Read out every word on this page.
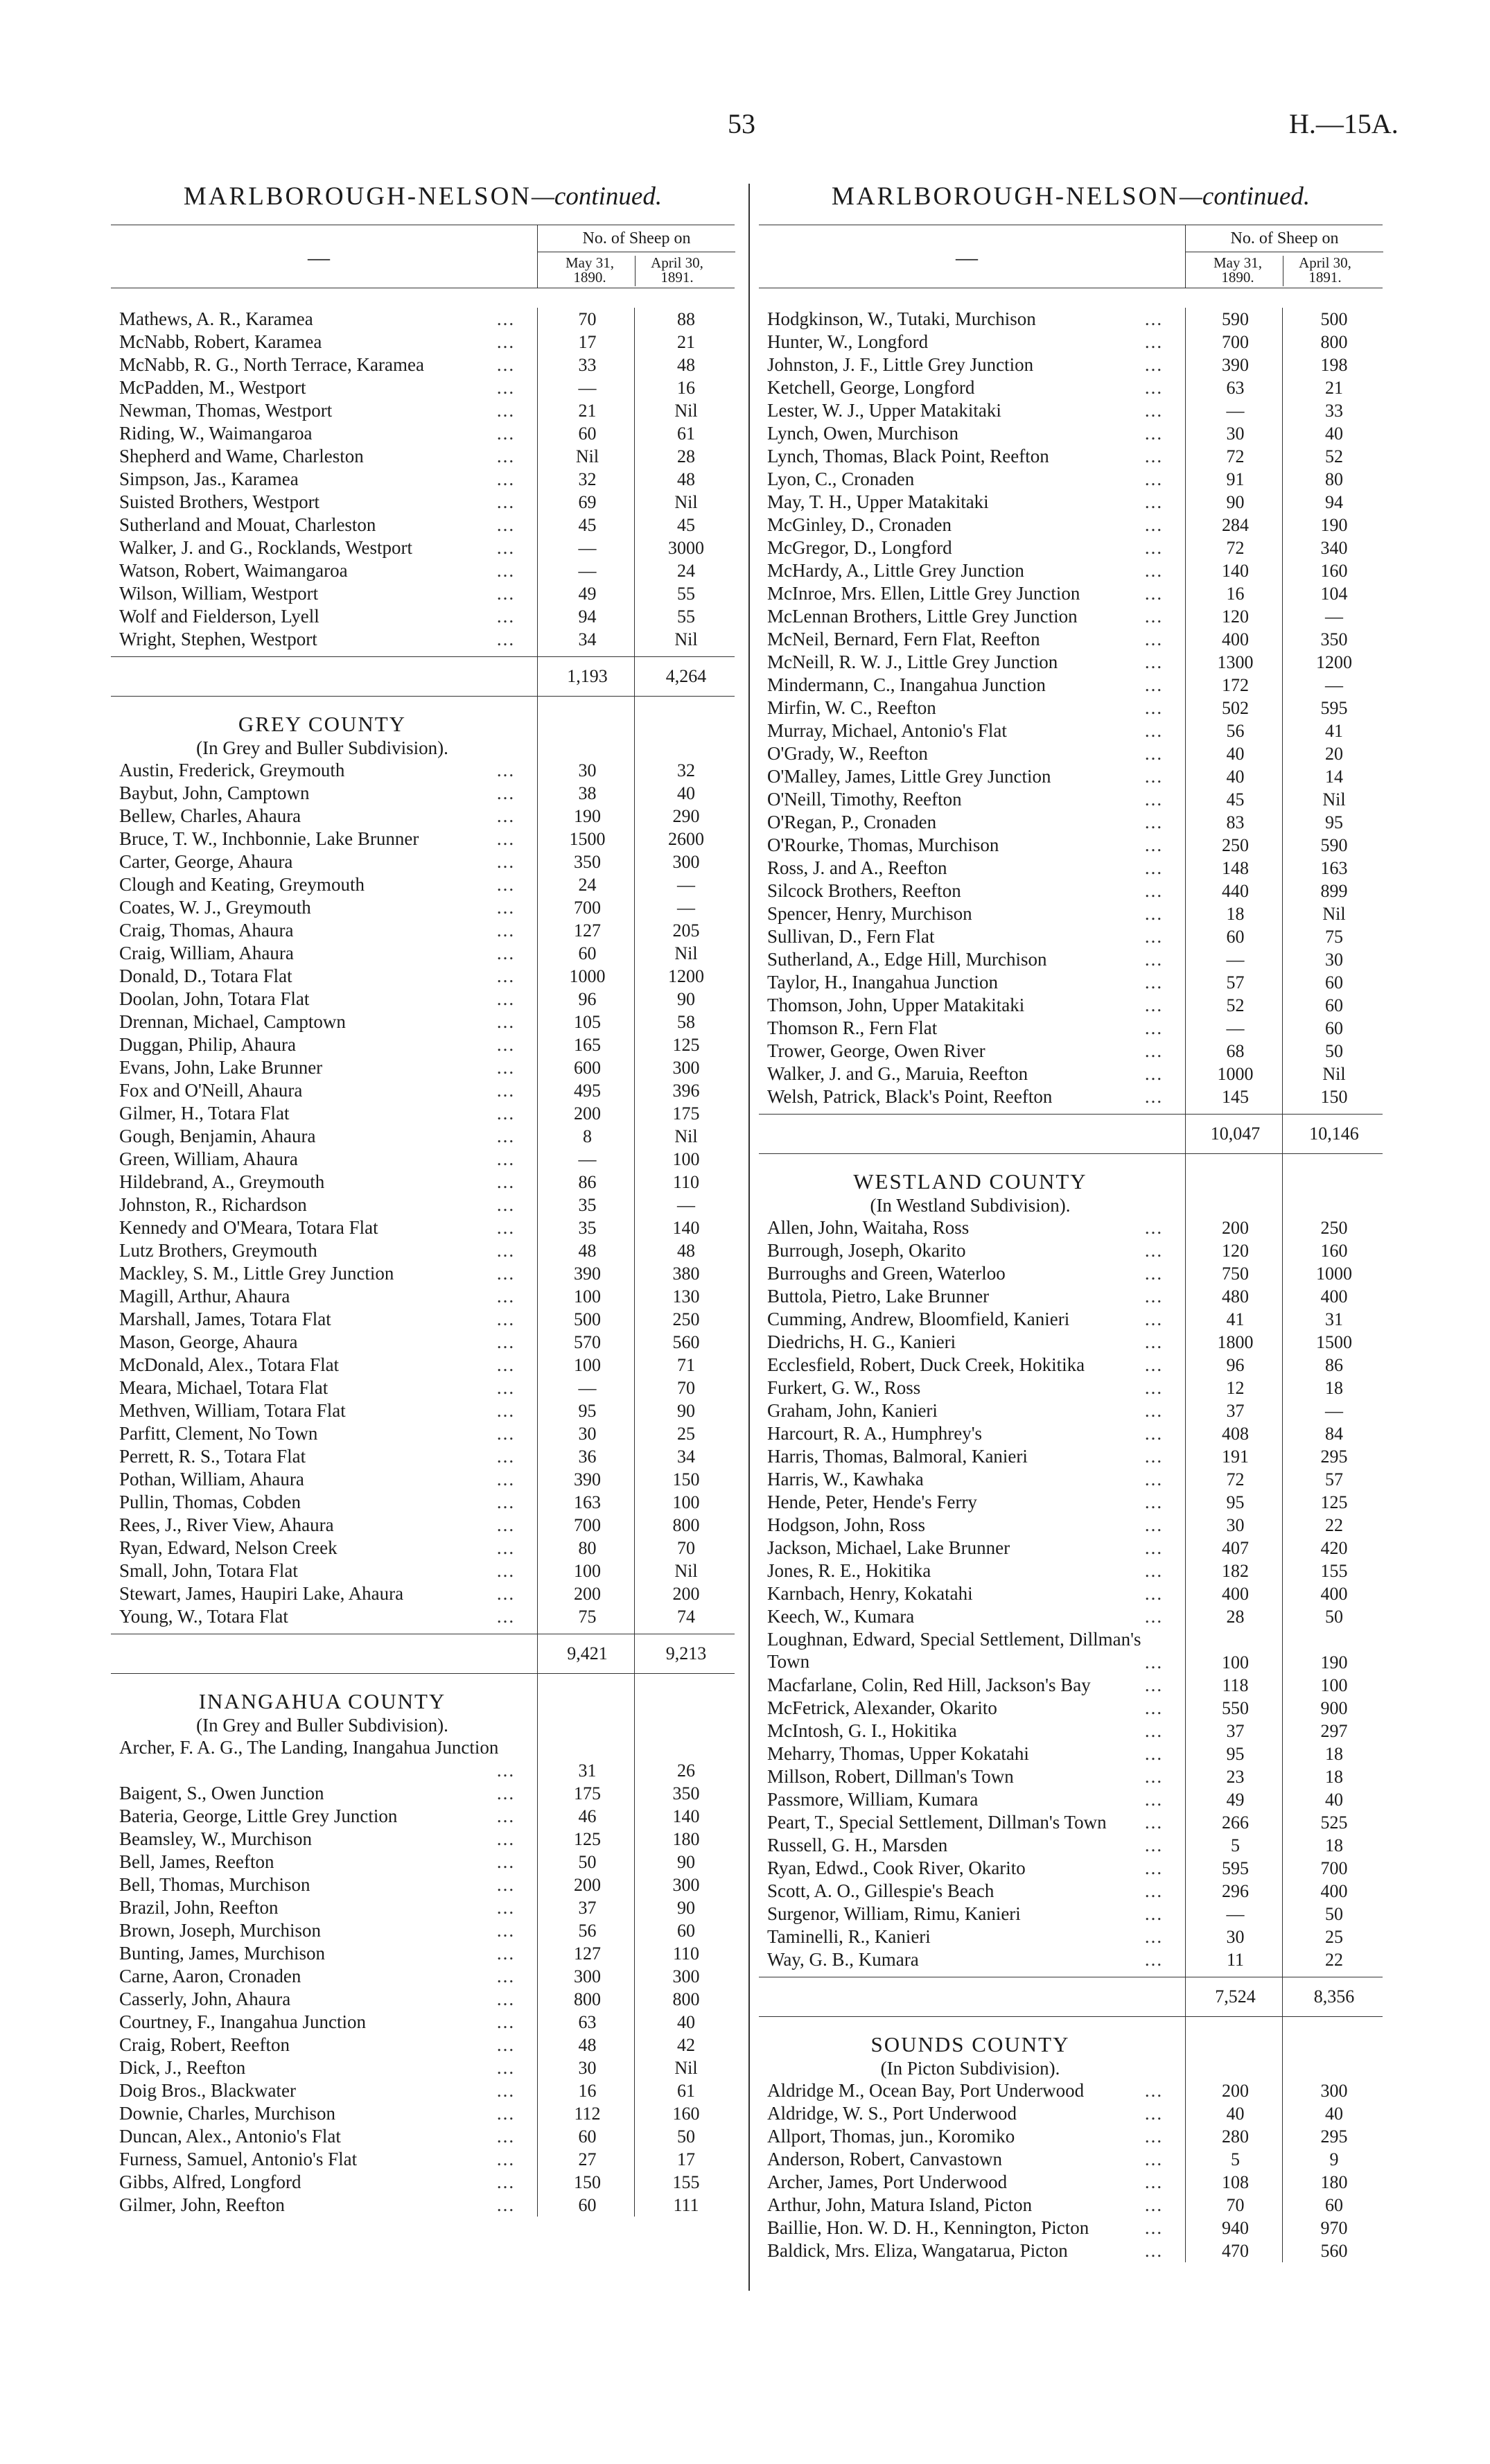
53	H.—15A.
MARLBOROUGH-NELSON—continued.
—
No. of Sheep on
May 31,
1890.
April 30,
1891.
Mathews, A. R., Karamea	...	70	88
McNabb, Robert, Karamea	...	17	21
McNabb, R. G., North Terrace, Karamea	...	33	48
McPadden, M., Westport	...	—	16
Newman, Thomas, Westport	...	21	Nil
Riding, W., Waimangaroa	...	60	61
Shepherd and Wame, Charleston	...	Nil	28
Simpson, Jas., Karamea	...	32	48
Suisted Brothers, Westport	...	69	Nil
Sutherland and Mouat, Charleston	...	45	45
Walker, J. and G., Rocklands, Westport	...	—	3000
Watson, Robert, Waimangaroa	...	—	24
Wilson, William, Westport	...	49	55
Wolf and Fielderson, Lyell	...	94	55
Wright, Stephen, Westport	...	34	Nil
1,193	4,264
GREY COUNTY
(In Grey and Buller Subdivision).
Austin, Frederick, Greymouth	...	30	32
Baybut, John, Camptown	...	38	40
Bellew, Charles, Ahaura	...	190	290
Bruce, T. W., Inchbonnie, Lake Brunner	...	1500	2600
Carter, George, Ahaura	...	350	300
Clough and Keating, Greymouth	...	24	—
Coates, W. J., Greymouth	...	700	—
Craig, Thomas, Ahaura	...	127	205
Craig, William, Ahaura	...	60	Nil
Donald, D., Totara Flat	...	1000	1200
Doolan, John, Totara Flat	...	96	90
Drennan, Michael, Camptown	...	105	58
Duggan, Philip, Ahaura	...	165	125
Evans, John, Lake Brunner	...	600	300
Fox and O'Neill, Ahaura	...	495	396
Gilmer, H., Totara Flat	...	200	175
Gough, Benjamin, Ahaura	...	8	Nil
Green, William, Ahaura	...	—	100
Hildebrand, A., Greymouth	...	86	110
Johnston, R., Richardson	...	35	—
Kennedy and O'Meara, Totara Flat	...	35	140
Lutz Brothers, Greymouth	...	48	48
Mackley, S. M., Little Grey Junction	...	390	380
Magill, Arthur, Ahaura	...	100	130
Marshall, James, Totara Flat	...	500	250
Mason, George, Ahaura	...	570	560
McDonald, Alex., Totara Flat	...	100	71
Meara, Michael, Totara Flat	...	—	70
Methven, William, Totara Flat	...	95	90
Parfitt, Clement, No Town	...	30	25
Perrett, R. S., Totara Flat	...	36	34
Pothan, William, Ahaura	...	390	150
Pullin, Thomas, Cobden	...	163	100
Rees, J., River View, Ahaura	...	700	800
Ryan, Edward, Nelson Creek	...	80	70
Small, John, Totara Flat	...	100	Nil
Stewart, James, Haupiri Lake, Ahaura	...	200	200
Young, W., Totara Flat	...	75	74
9,421	9,213
INANGAHUA COUNTY
(In Grey and Buller Subdivision).
Archer, F. A. G., The Landing, Inangahua Junction
...	31	26
Baigent, S., Owen Junction	...	175	350
Bateria, George, Little Grey Junction	...	46	140
Beamsley, W., Murchison	...	125	180
Bell, James, Reefton	...	50	90
Bell, Thomas, Murchison	...	200	300
Brazil, John, Reefton	...	37	90
Brown, Joseph, Murchison	...	56	60
Bunting, James, Murchison	...	127	110
Carne, Aaron, Cronaden	...	300	300
Casserly, John, Ahaura	...	800	800
Courtney, F., Inangahua Junction	...	63	40
Craig, Robert, Reefton	...	48	42
Dick, J., Reefton	...	30	Nil
Doig Bros., Blackwater	...	16	61
Downie, Charles, Murchison	...	112	160
Duncan, Alex., Antonio's Flat	...	60	50
Furness, Samuel, Antonio's Flat	...	27	17
Gibbs, Alfred, Longford	...	150	155
Gilmer, John, Reefton	...	60	111
MARLBOROUGH-NELSON—continued.
—
No. of Sheep on
May 31,
1890.
April 30,
1891.
Hodgkinson, W., Tutaki, Murchison	...	590	500
Hunter, W., Longford	...	700	800
Johnston, J. F., Little Grey Junction	...	390	198
Ketchell, George, Longford	...	63	21
Lester, W. J., Upper Matakitaki	...	—	33
Lynch, Owen, Murchison	...	30	40
Lynch, Thomas, Black Point, Reefton	...	72	52
Lyon, C., Cronaden	...	91	80
May, T. H., Upper Matakitaki	...	90	94
McGinley, D., Cronaden	...	284	190
McGregor, D., Longford	...	72	340
McHardy, A., Little Grey Junction	...	140	160
McInroe, Mrs. Ellen, Little Grey Junction	...	16	104
McLennan Brothers, Little Grey Junction	...	120	—
McNeil, Bernard, Fern Flat, Reefton	...	400	350
McNeill, R. W. J., Little Grey Junction	...	1300	1200
Mindermann, C., Inangahua Junction	...	172	—
Mirfin, W. C., Reefton	...	502	595
Murray, Michael, Antonio's Flat	...	56	41
O'Grady, W., Reefton	...	40	20
O'Malley, James, Little Grey Junction	...	40	14
O'Neill, Timothy, Reefton	...	45	Nil
O'Regan, P., Cronaden	...	83	95
O'Rourke, Thomas, Murchison	...	250	590
Ross, J. and A., Reefton	...	148	163
Silcock Brothers, Reefton	...	440	899
Spencer, Henry, Murchison	...	18	Nil
Sullivan, D., Fern Flat	...	60	75
Sutherland, A., Edge Hill, Murchison	...	—	30
Taylor, H., Inangahua Junction	...	57	60
Thomson, John, Upper Matakitaki	...	52	60
Thomson R., Fern Flat	...	—	60
Trower, George, Owen River	...	68	50
Walker, J. and G., Maruia, Reefton	...	1000	Nil
Welsh, Patrick, Black's Point, Reefton	...	145	150
10,047	10,146
WESTLAND COUNTY
(In Westland Subdivision).
Allen, John, Waitaha, Ross	...	200	250
Burrough, Joseph, Okarito	...	120	160
Burroughs and Green, Waterloo	...	750	1000
Buttola, Pietro, Lake Brunner	...	480	400
Cumming, Andrew, Bloomfield, Kanieri	...	41	31
Diedrichs, H. G., Kanieri	...	1800	1500
Ecclesfield, Robert, Duck Creek, Hokitika	...	96	86
Furkert, G. W., Ross	...	12	18
Graham, John, Kanieri	...	37	—
Harcourt, R. A., Humphrey's	...	408	84
Harris, Thomas, Balmoral, Kanieri	...	191	295
Harris, W., Kawhaka	...	72	57
Hende, Peter, Hende's Ferry	...	95	125
Hodgson, John, Ross	...	30	22
Jackson, Michael, Lake Brunner	...	407	420
Jones, R. E., Hokitika	...	182	155
Karnbach, Henry, Kokatahi	...	400	400
Keech, W., Kumara	...	28	50
Loughnan, Edward, Special Settlement, Dillman's Town	...	100	190
Macfarlane, Colin, Red Hill, Jackson's Bay	...	118	100
McFetrick, Alexander, Okarito	...	550	900
McIntosh, G. I., Hokitika	...	37	297
Meharry, Thomas, Upper Kokatahi	...	95	18
Millson, Robert, Dillman's Town	...	23	18
Passmore, William, Kumara	...	49	40
Peart, T., Special Settlement, Dillman's Town	...	266	525
Russell, G. H., Marsden	...	5	18
Ryan, Edwd., Cook River, Okarito	...	595	700
Scott, A. O., Gillespie's Beach	...	296	400
Surgenor, William, Rimu, Kanieri	...	—	50
Taminelli, R., Kanieri	...	30	25
Way, G. B., Kumara	...	11	22
7,524	8,356
SOUNDS COUNTY
(In Picton Subdivision).
Aldridge M., Ocean Bay, Port Underwood	...	200	300
Aldridge, W. S., Port Underwood	...	40	40
Allport, Thomas, jun., Koromiko	...	280	295
Anderson, Robert, Canvastown	...	5	9
Archer, James, Port Underwood	...	108	180
Arthur, John, Matura Island, Picton	...	70	60
Baillie, Hon. W. D. H., Kennington, Picton	...	940	970
Baldick, Mrs. Eliza, Wangatarua, Picton	...	470	560
